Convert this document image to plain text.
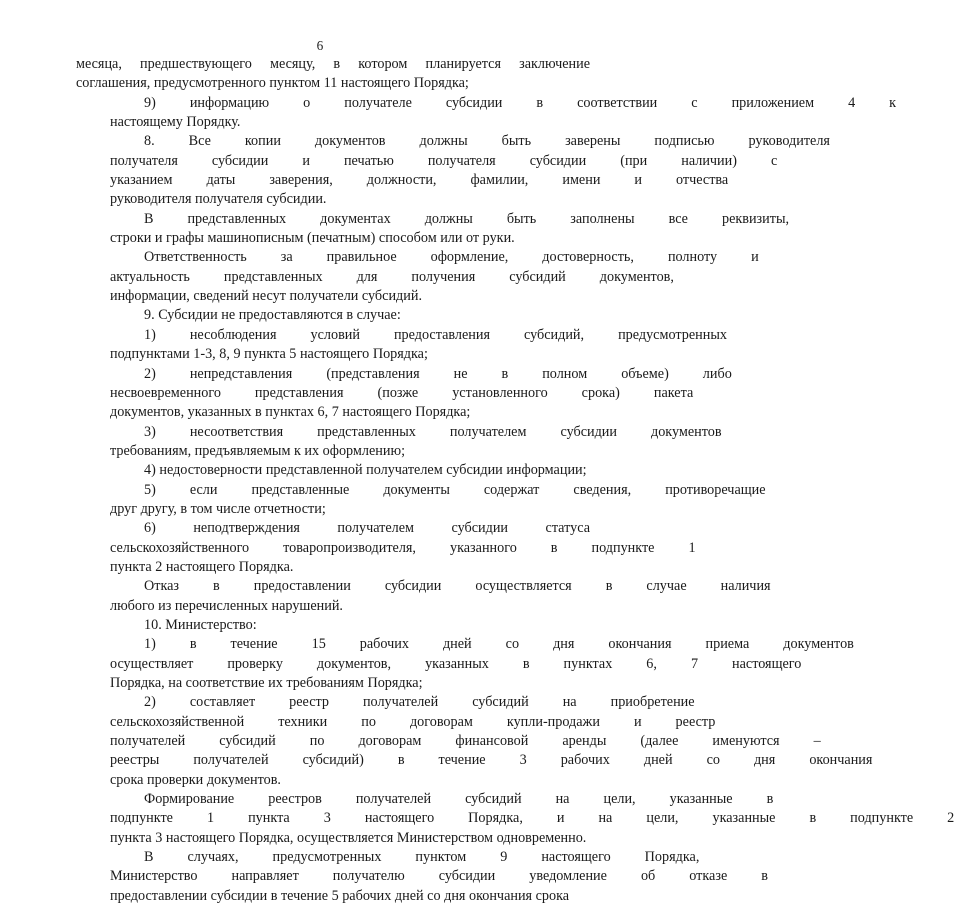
6
месяца, предшествующего месяцу, в котором планируется заключение
соглашения, предусмотренного пунктом 11 настоящего Порядка;
9)	информацию	о	получателе	субсидии	в	соответствии	с	приложением	4	к
настоящему Порядку.
8.	Все	копии	документов	должны	быть	заверены	подписью	руководителя
получателя	субсидии	и	печатью	получателя	субсидии	(при	наличии)	с
указанием	даты	заверения,	должности,	фамилии,	имени	и	отчества
руководителя получателя субсидии.
В	представленных	документах	должны	быть	заполнены	все	реквизиты,
строки и графы машинописным (печатным) способом или от руки.
Ответственность	за	правильное	оформление,	достоверность,	полноту	и
актуальность	представленных	для	получения	субсидий	документов,
информации, сведений несут получатели субсидий.
9. Субсидии не предоставляются в случае:
1)	несоблюдения	условий	предоставления	субсидий,	предусмотренных
подпунктами 1-3, 8, 9 пункта 5 настоящего Порядка;
2)	непредставления	(представления	не	в	полном	объеме)	либо
несвоевременного	представления	(позже	установленного	срока)	пакета
документов, указанных в пунктах 6, 7 настоящего Порядка;
3)	несоответствия	представленных	получателем	субсидии	документов
требованиям, предъявляемым к их оформлению;
4) недостоверности представленной получателем субсидии информации;
5)	если	представленные	документы	содержат	сведения,	противоречащие
друг другу, в том числе отчетности;
6)	неподтверждения	получателем	субсидии	статуса
сельскохозяйственного	товаропроизводителя,	указанного	в	подпункте	1
пункта 2 настоящего Порядка.
Отказ	в	предоставлении	субсидии	осуществляется	в	случае	наличия
любого из перечисленных нарушений.
10. Министерство:
1)	в	течение	15	рабочих	дней	со	дня	окончания	приема	документов
осуществляет	проверку	документов,	указанных	в	пунктах	6,	7	настоящего
Порядка, на соответствие их требованиям Порядка;
2)	составляет	реестр	получателей	субсидий	на	приобретение
сельскохозяйственной	техники	по	договорам	купли-продажи	и	реестр
получателей	субсидий	по	договорам	финансовой	аренды	(далее	именуются	–
реестры	получателей	субсидий)	в	течение	3	рабочих	дней	со	дня	окончания
срока проверки документов.
Формирование	реестров	получателей	субсидий	на	цели,	указанные	в
подпункте	1	пункта	3	настоящего	Порядка,	и	на	цели,	указанные	в	подпункте	2
пункта 3 настоящего Порядка, осуществляется Министерством одновременно.
В	случаях,	предусмотренных	пунктом	9	настоящего	Порядка,
Министерство	направляет	получателю	субсидии	уведомление	об	отказе	в
предоставлении субсидии в течение 5 рабочих дней со дня окончания срока
